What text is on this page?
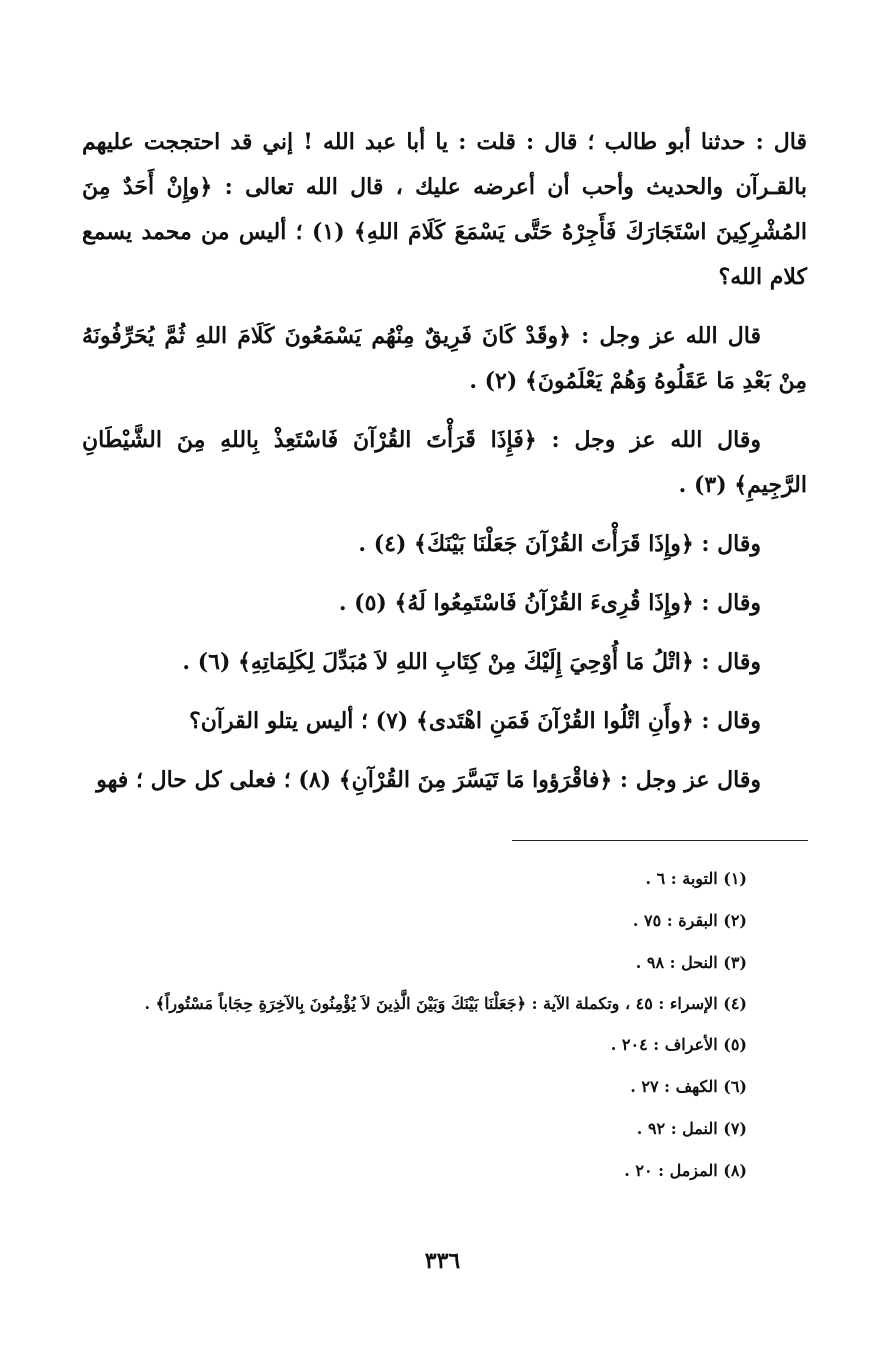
قال : حدثنا أبو طالب ؛ قال : قلت : يا أبا عبد الله ! إني قد احتججت عليهم بالقـرآن والحديث وأحب أن أعرضه عليك ، قال الله تعالى : ﴿وإِنْ أَحَدٌ مِنَ المُشْرِكِينَ اسْتَجَارَكَ فَأَجِرْهُ حَتَّى يَسْمَعَ كَلَامَ اللهِ﴾ (١) ؛ أليس من محمد يسمع كلام الله؟

قال الله عز وجل : ﴿وقَدْ كَانَ فَرِيقٌ مِنْهُم يَسْمَعُونَ كَلَامَ اللهِ ثُمَّ يُحَرِّفُونَهُ مِنْ بَعْدِ مَا عَقَلُوهُ وَهُمْ يَعْلَمُونَ﴾ (٢) .

وقال الله عز وجل : ﴿فَإِذَا قَرَأْتَ القُرْآنَ فَاسْتَعِذْ بِاللهِ مِنَ الشَّيْطَانِ الرَّجِيمِ﴾ (٣) .

وقال : ﴿وإِذَا قَرَأْتَ القُرْآنَ جَعَلْنَا بَيْنَكَ﴾ (٤) .

وقال : ﴿وإِذَا قُرِىءَ القُرْآنُ فَاسْتَمِعُوا لَهُ﴾ (٥) .

وقال : ﴿اتْلُ مَا أُوْحِيَ إِلَيْكَ مِنْ كِتَابِ اللهِ لاَ مُبَدِّلَ لِكَلِمَاتِهِ﴾ (٦) .

وقال : ﴿وأَنِ اتْلُوا القُرْآنَ فَمَنِ اهْتَدى﴾ (٧) ؛ أليس يتلو القرآن؟

وقال عز وجل : ﴿فاقْرَؤوا مَا تَيَسَّرَ مِنَ القُرْآنِ﴾ (٨) ؛ فعلى كل حال ؛ فهو

(١) التوبة : ٦ .
(٢) البقرة : ٧٥ .
(٣) النحل : ٩٨ .
(٤) الإسراء : ٤٥ ، وتكملة الآية : ﴿جَعَلْنَا بَيْنَكَ وَبَيْنَ الَّذِينَ لاَ يُؤْمِنُونَ بِالآخِرَةِ حِجَاباً مَسْتُوراً﴾ .
(٥) الأعراف : ٢٠٤ .
(٦) الكهف : ٢٧ .
(٧) النمل : ٩٢ .
(٨) المزمل : ٢٠ .
٣٣٦
